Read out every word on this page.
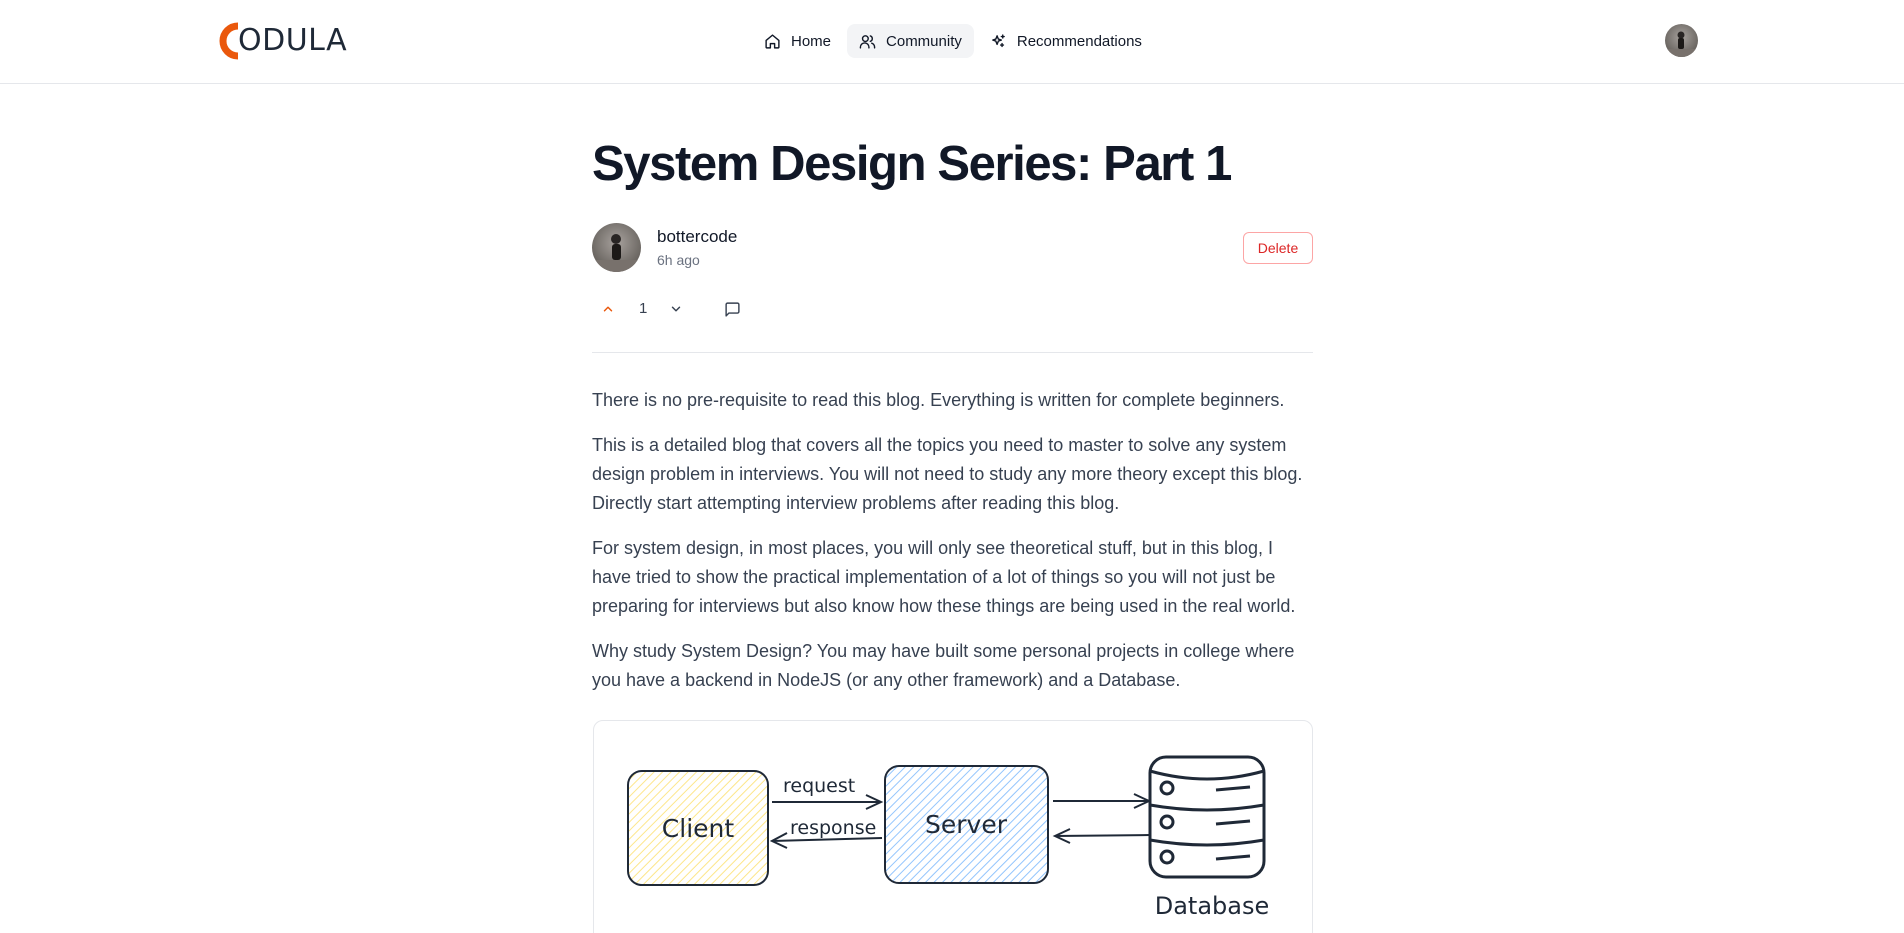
ODULA	Home	Community	Recommendations
System Design Series: Part 1
bottercode
6h ago
Delete
1

There is no pre-requisite to read this blog. Everything is written for complete beginners.

This is a detailed blog that covers all the topics you need to master to solve any system design problem in interviews. You will not need to study any more theory except this blog. Directly start attempting interview problems after reading this blog.

For system design, in most places, you will only see theoretical stuff, but in this blog, I have tried to show the practical implementation of a lot of things so you will not just be preparing for interviews but also know how these things are being used in the real world.

Why study System Design? You may have built some personal projects in college where you have a backend in NodeJS (or any other framework) and a Database.

Client	Server
request
response
Database
